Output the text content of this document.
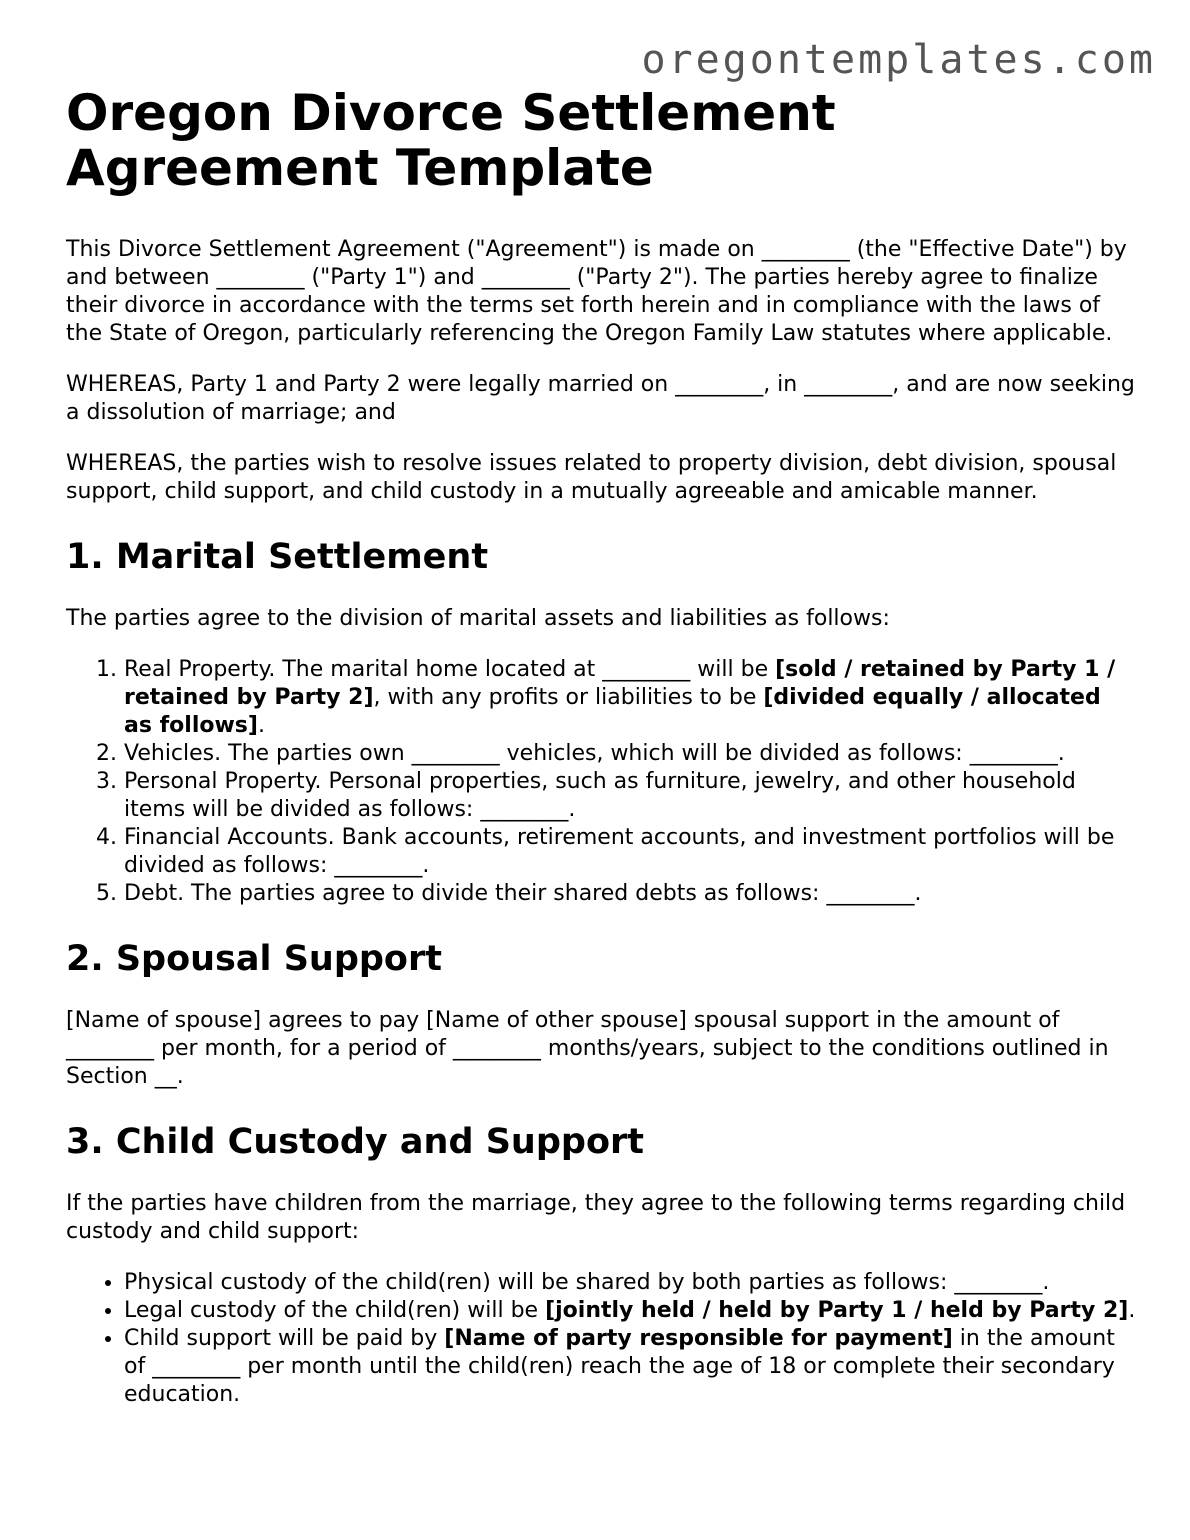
oregontemplates.com
Oregon Divorce Settlement Agreement Template

This Divorce Settlement Agreement ("Agreement") is made on ________ (the "Effective Date") by and between ________ ("Party 1") and ________ ("Party 2"). The parties hereby agree to finalize their divorce in accordance with the terms set forth herein and in compliance with the laws of the State of Oregon, particularly referencing the Oregon Family Law statutes where applicable.

WHEREAS, Party 1 and Party 2 were legally married on ________, in ________, and are now seeking a dissolution of marriage; and

WHEREAS, the parties wish to resolve issues related to property division, debt division, spousal support, child support, and child custody in a mutually agreeable and amicable manner.

1. Marital Settlement

The parties agree to the division of marital assets and liabilities as follows:

1. Real Property. The marital home located at ________ will be [sold / retained by Party 1 / retained by Party 2], with any profits or liabilities to be [divided equally / allocated as follows].
2. Vehicles. The parties own ________ vehicles, which will be divided as follows: ________.
3. Personal Property. Personal properties, such as furniture, jewelry, and other household items will be divided as follows: ________.
4. Financial Accounts. Bank accounts, retirement accounts, and investment portfolios will be divided as follows: ________.
5. Debt. The parties agree to divide their shared debts as follows: ________.
2. Spousal Support

[Name of spouse] agrees to pay [Name of other spouse] spousal support in the amount of ________ per month, for a period of ________ months/years, subject to the conditions outlined in Section __.

3. Child Custody and Support

If the parties have children from the marriage, they agree to the following terms regarding child custody and child support:

• Physical custody of the child(ren) will be shared by both parties as follows: ________.
• Legal custody of the child(ren) will be [jointly held / held by Party 1 / held by Party 2].
• Child support will be paid by [Name of party responsible for payment] in the amount of ________ per month until the child(ren) reach the age of 18 or complete their secondary education.
